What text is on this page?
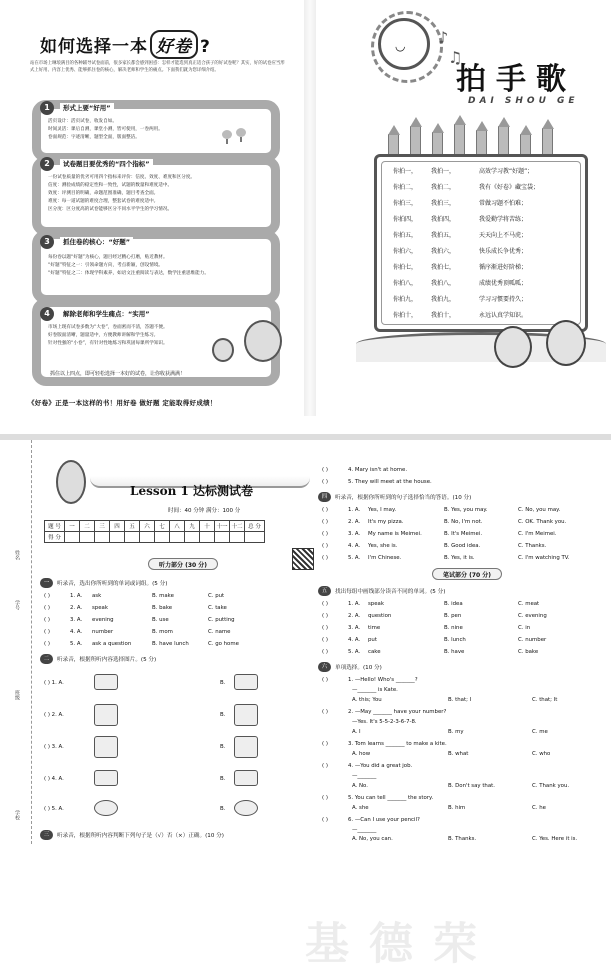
如何选择一本 好卷 ?
站在市场上琳琅满目的各种辅导试卷面前，很多家长都会感到困惑：怎样才能选到真正适合孩子的好试卷呢？其实，好的试卷应当形式上好用、内容上优秀、能够抓住卷的核心，解决老师和学生的痛点。下面我们就为您详细介绍。
1	形式上要“好用”
活页设计：活页试卷，收发自如。
时间灵活：课后自测，课堂小测，皆可使用，一卷两用。
卷面规范：字迹清晰，题型全面，版面整洁。
2	试卷题目要优秀的“四个指标”
一份试卷质量的优劣可用四个指标来评价：信度、效度、难度和区分度。
信度：测验成绩的稳定性和一致性，试题的数量和难度适中。
效度：评测目的明确，命题范围准确，题目考查全面。
难度：每一道试题的难度合理，整套试卷的难度适中。
区分度：区分度高的试卷能够区分不同水平学生的学习情况。
3	抓住卷的核心：“好题”
每份卷以题“好题”为核心，题目经过精心打磨，贴近教材。
“好题”特征之一：引领命题方向，考点新颖，创设情境。
“好题”特征之二：体现学科素养，如语文注重阅读与表达，数学注重思维能力。
4	解除老师和学生痛点：“实用”
市场上现有试卷多数为“大卷”，卷面密而不清，答题不便。
好卷版面清晰，题量适中，方便教师讲解和学生练习。
针对性强的“小卷”，有针对性地练习和巩固每课所学知识。
抓住以上四点，即可轻松选择一本好的试卷，让你收获满满！
《好卷》正是一本这样的书！用好卷 做好题 定能取得好成绩！
◡ ♪
♫
拍手歌
DAI SHOU GE
你拍一，	我拍一，	高效学习教“好题”；
你拍二，	我拍二，	我有《好卷》藏宝袋；
你拍三，	我拍三，	常做习题不怕难；
你拍四，	我拍四，	我爱勤学将苦练；
你拍五，	我拍五，	天天向上不马虎；
你拍六，	我拍六，	快乐成长争优秀；
你拍七，	我拍七，	循序渐进好阶梯；
你拍八，	我拍八，	成绩优秀顶呱呱；
你拍九，	我拍九，	学习习惯要持久；
你拍十，	我拍十，	永远认真学知识。
荣德基
姓名
学号
班级
学校
Lesson 1 达标测试卷
时间：40 分钟 满分：100 分
题 号	一	二	三	四	五	六	七	八	九	十	十一	十二	总 分
得 分													
听力部分
(30 分)
一	听录音，选出你所听到的单词或词组。(5 分)
( )	1. A.	ask	B. make	C. put
( )	2. A.	speak	B. bake	C. take
( )	3. A.	evening	B. use	C. putting
( )	4. A.	number	B. mom	C. name
( )	5. A.	ask a question	B. have lunch	C. go home
二	听录音，根据所听内容选择图片。(5 分)
( ) 1. A.	B.
( ) 2. A.	B.
( ) 3. A.	B.
( ) 4. A.	B.
( ) 5. A.	B.
三	听录音，根据所听内容判断下列句子是（√）否（×）正确。(10 分)
( )	4. Mary isn't at home.
( )	5. They will meet at the house.
四	听录音，根据你所听到的句子选择恰当的答语。(10 分)
( )	1. A.	Yes, I may.	B. Yes, you may.	C. No, you may.
( )	2. A.	It's my pizza.	B. No, I'm not.	C. OK. Thank you.
( )	3. A.	My name is Meimei.	B. It's Meimei.	C. I'm Meimei.
( )	4. A.	Yes, she is.	B. Good idea.	C. Thanks.
( )	5. A.	I'm Chinese.	B. Yes, it is.	C. I'm watching TV.
笔试部分
(70 分)
五	找出每组中画线部分读音不同的单词。(5 分)
( )	1. A.	speak	B. idea	C. meat
( )	2. A.	question	B. pen	C. evening
( )	3. A.	time	B. nine	C. in
( )	4. A.	put	B. lunch	C. number
( )	5. A.	cake	B. have	C. bake
六	单项选择。(10 分)
( )	1. —Hello! Who's _______?
—_______ is Kate.
A. this; You	B. that; I	C. that; It
( )	2. —May _______ have your number?
—Yes. It's 5-5-2-3-6-7-8.
A. I	B. my	C. me
( )	3. Tom learns _______ to make a kite.
A. how	B. what	C. who
( )	4. —You did a great job.
—_______
A. No.	B. Don't say that.	C. Thank you.
( )	5. You can tell _______ the story.
A. she	B. him	C. he
( )	6. —Can I use your pencil?
—_______
A. No, you can.	B. Thanks.	C. Yes. Here it is.
